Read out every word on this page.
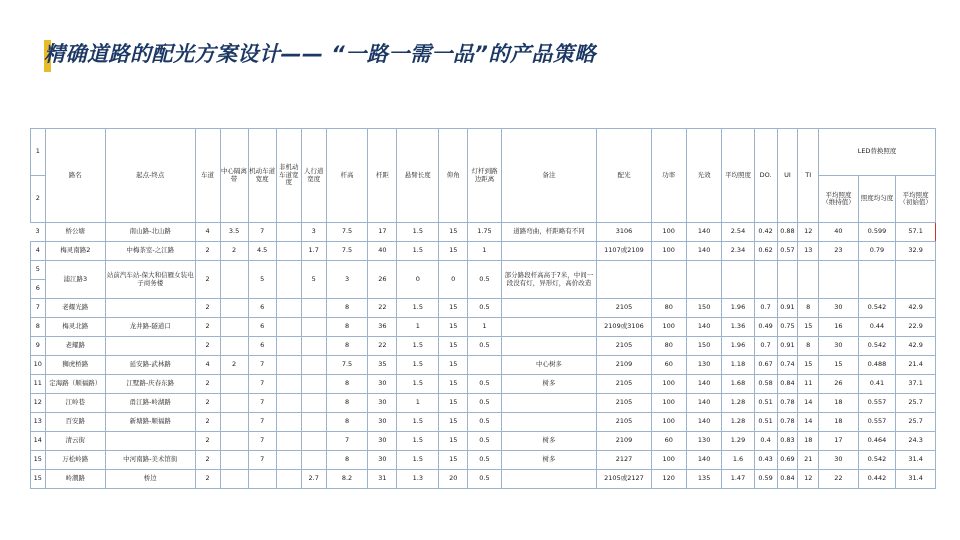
精确道路的配光方案设计—— “一路一需一品”的产品策略
1	路名	起点-终点	车道	中心隔离带	机动车道宽度	非机动车道宽度	人行道宽度	杆高	杆距	悬臂长度	仰角	灯杆到路边距离	备注	配光	功率	光效	平均照度	DO.	UI	TI	LED替换照度		
2																					平均照度（维持值）	照度均匀度	平均照度（初始值）
3	桥公塘	南山路-北山路	4	3.5	7		3	7.5	17	1.5	15	1.75	道路弯曲，杆距略有不同	3106	100	140	2.54	0.42	0.88	12	40	0.599	57.1
4	梅灵南路2	中梅茶室-之江路	2	2	4.5		1.7	7.5	40	1.5	15	1		1107或2109	100	140	2.34	0.62	0.57	13	23	0.79	32.9
5	浦江路3	站前汽车站-保大和信雁女装电子商务楼	2		5		5	3	26	0	0	0.5	部分路段杆高高于7米，中间一段没有灯，异形灯，高价改造										
6																							
7	老耀光路		2		6			8	22	1.5	15	0.5		2105	80	150	1.96	0.7	0.91	8	30	0.542	42.9
8	梅灵北路	龙井路-隧道口	2		6			8	36	1	15	1		2109或3106	100	140	1.36	0.49	0.75	15	16	0.44	22.9
9	老耀路		2		6			8	22	1.5	15	0.5		2105	80	150	1.96	0.7	0.91	8	30	0.542	42.9
10	狮虎桥路	延安路-武林路	4	2	7			7.5	35	1.5	15		中心树多	2109	60	130	1.18	0.67	0.74	15	15	0.488	21.4
11	定海路（顺福路）	江墅路-庆春东路	2		7			8	30	1.5	15	0.5	树多	2105	100	140	1.68	0.58	0.84	11	26	0.41	37.1
12	江岭巷	甬江路-岭湖路	2		7			8	30	1	15	0.5		2105	100	140	1.28	0.51	0.78	14	18	0.557	25.7
13	百安路	新塘路-顺福路	2		7			8	30	1.5	15	0.5		2105	100	140	1.28	0.51	0.78	14	18	0.557	25.7
14	清云街		2		7			7	30	1.5	15	0.5	树多	2109	60	130	1.29	0.4	0.83	18	17	0.464	24.3
15	万松岭路	中河南路-美术馆街	2		7			8	30	1.5	15	0.5	树多	2127	100	140	1.6	0.43	0.69	21	30	0.542	31.4
15	岭潮路	桥边	2				2.7	8.2	31	1.3	20	0.5		2105或2127	120	135	1.47	0.59	0.84	12	22	0.442	31.4
